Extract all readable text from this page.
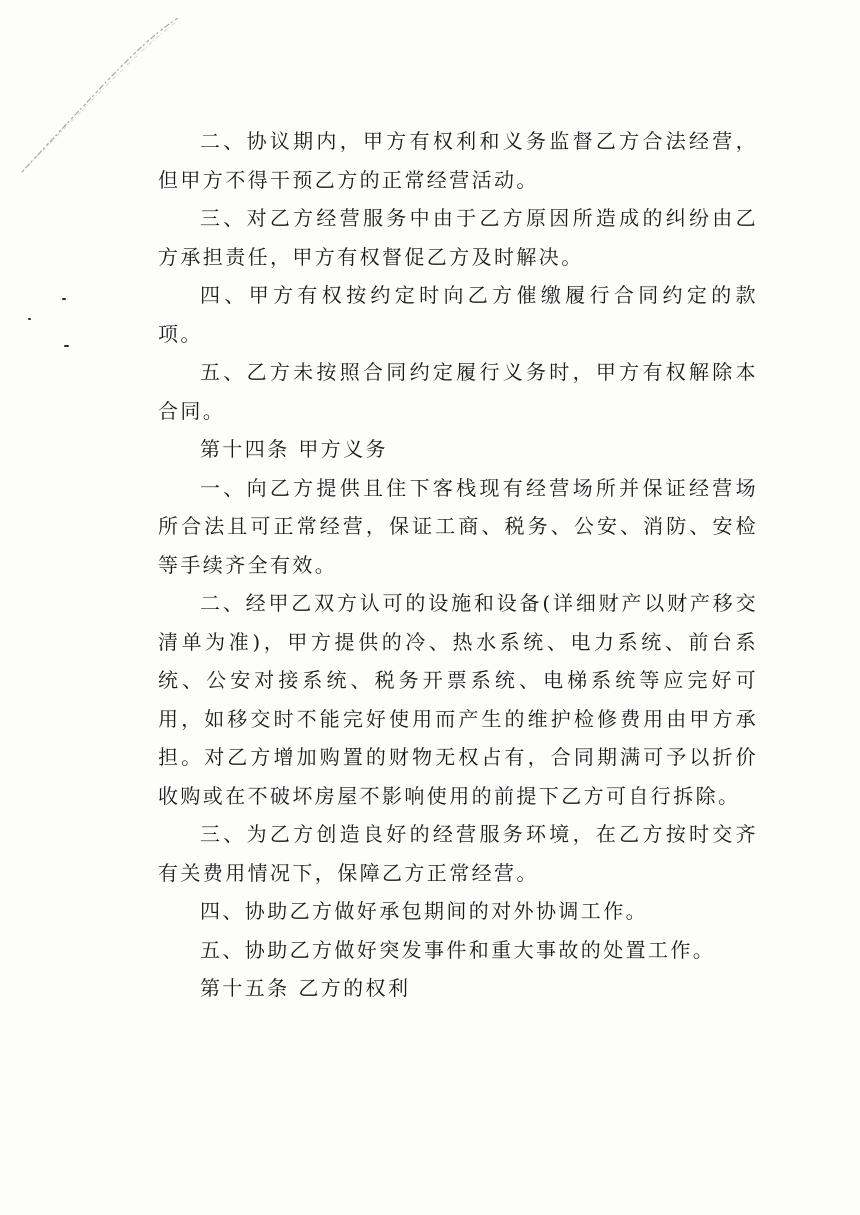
二、协议期内，甲方有权利和义务监督乙方合法经营，但甲方不得干预乙方的正常经营活动。

三、对乙方经营服务中由于乙方原因所造成的纠纷由乙方承担责任，甲方有权督促乙方及时解决。

四、甲方有权按约定时向乙方催缴履行合同约定的款项。

五、乙方未按照合同约定履行义务时，甲方有权解除本合同。

第十四条 甲方义务

一、向乙方提供且住下客栈现有经营场所并保证经营场所合法且可正常经营，保证工商、税务、公安、消防、安检等手续齐全有效。

二、经甲乙双方认可的设施和设备(详细财产以财产移交清单为准)，甲方提供的冷、热水系统、电力系统、前台系统、公安对接系统、税务开票系统、电梯系统等应完好可用，如移交时不能完好使用而产生的维护检修费用由甲方承担。对乙方增加购置的财物无权占有，合同期满可予以折价收购或在不破坏房屋不影响使用的前提下乙方可自行拆除。

三、为乙方创造良好的经营服务环境，在乙方按时交齐有关费用情况下，保障乙方正常经营。

四、协助乙方做好承包期间的对外协调工作。

五、协助乙方做好突发事件和重大事故的处置工作。

第十五条 乙方的权利
